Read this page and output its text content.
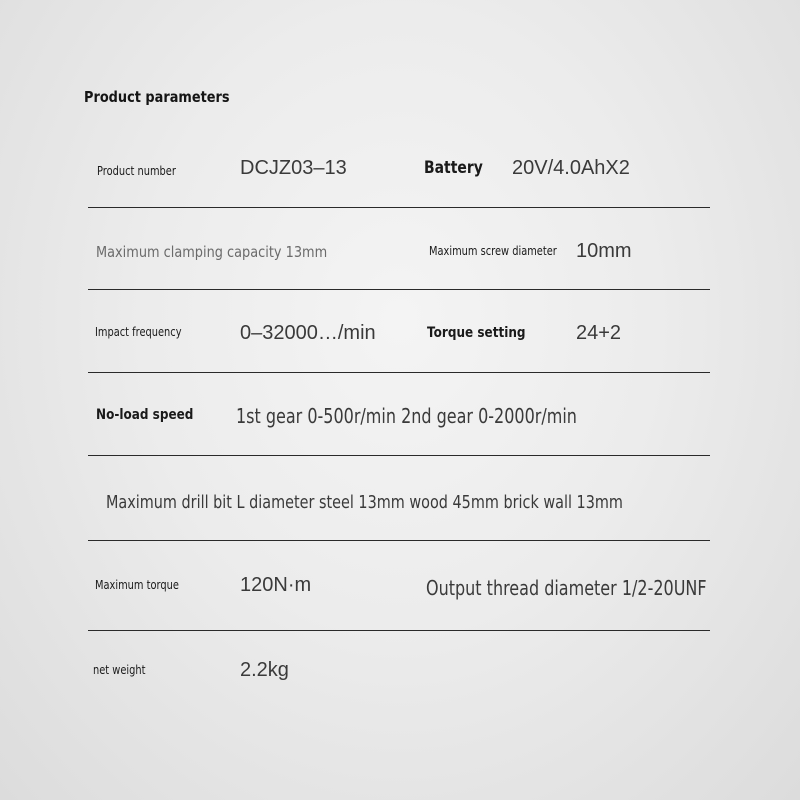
Product parameters
Product number	DCJZ03–13	Battery 20V/4.0AhX2
Maximum clamping capacity 13mm	Maximum screw diameter 10mm
Impact frequency	0–32000…/min	Torque setting	24+2
No-load speed 1st gear 0-500r/min 2nd gear 0-2000r/min
Maximum drill bit L diameter steel 13mm wood 45mm brick wall 13mm
Maximum torque	120N·m	Output thread diameter 1/2-20UNF
net weight	2.2kg
